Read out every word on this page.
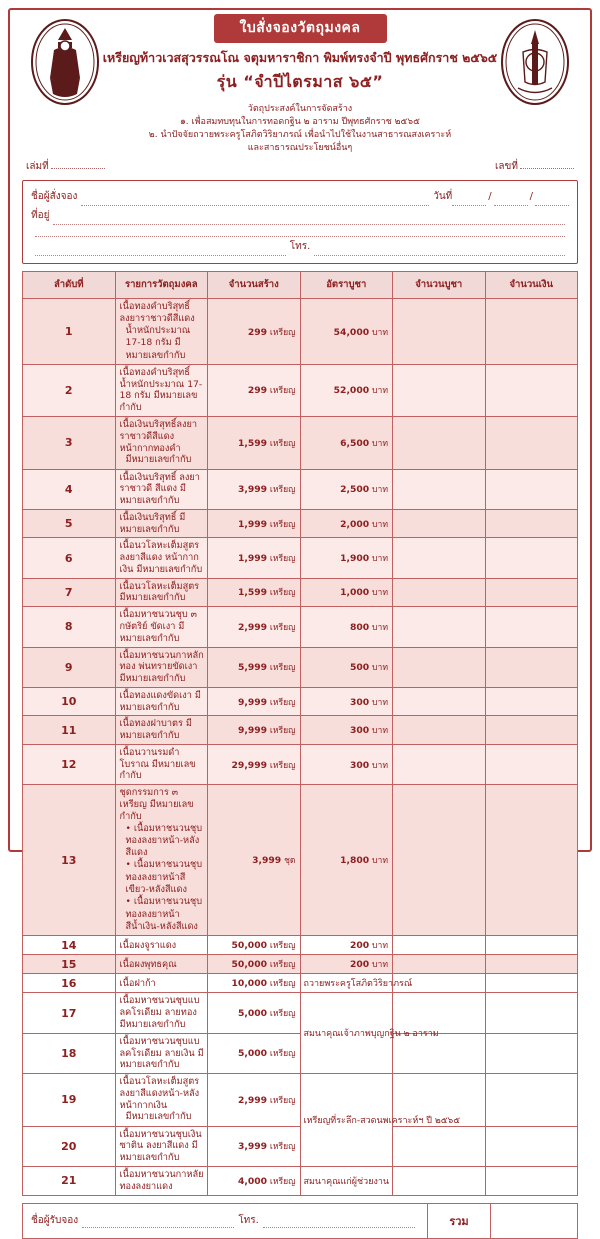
ใบสั่งจองวัตถุมงคล
เหรียญท้าวเวสสุวรรณโณ จตุมหาราชิกา พิมพ์ทรงจำปี พุทธศักราช ๒๕๖๕
รุ่น “จำปีไตรมาส ๖๕”
วัตถุประสงค์ในการจัดสร้าง
๑. เพื่อสมทบทุนในการทอดกฐิน ๒ อาราม ปีพุทธศักราช ๒๕๖๕
๒. นำปัจจัยถวายพระครูโสภิตวิริยาภรณ์ เพื่อนำไปใช้ในงานสาธารณสงเคราะห์
และสาธารณประโยชน์อื่นๆ
เล่มที่	เลขที่
ชื่อผู้สั่งจอง	วันที่	/	/
ที่อยู่
โทร.
ลำดับที่	รายการวัตถุมงคล	จำนวนสร้าง	อัตราบูชา	จำนวนบูชา	จำนวนเงิน
1	เนื้อทองคำบริสุทธิ์ ลงยาราชาวดีสีแดง
น้ำหนักประมาณ 17-18 กรัม มีหมายเลขกำกับ	299 เหรียญ	54,000 บาท		
2	เนื้อทองคำบริสุทธิ์ น้ำหนักประมาณ 17-18 กรัม มีหมายเลขกำกับ	299 เหรียญ	52,000 บาท		
3	เนื้อเงินบริสุทธิ์ลงยาราชาวดีสีแดง หน้ากากทองคำ
มีหมายเลขกำกับ	1,599 เหรียญ	6,500 บาท		
4	เนื้อเงินบริสุทธิ์ ลงยาราชาวดี สีแดง มีหมายเลขกำกับ	3,999 เหรียญ	2,500 บาท		
5	เนื้อเงินบริสุทธิ์ มีหมายเลขกำกับ	1,999 เหรียญ	2,000 บาท		
6	เนื้อนวโลหะเต็มสูตร ลงยาสีแดง หน้ากากเงิน มีหมายเลขกำกับ	1,999 เหรียญ	1,900 บาท		
7	เนื้อนวโลหะเต็มสูตร มีหมายเลขกำกับ	1,599 เหรียญ	1,000 บาท		
8	เนื้อมหาชนวนชุบ ๓ กษัตริย์ ขัดเงา มีหมายเลขกำกับ	2,999 เหรียญ	800 บาท		
9	เนื้อมหาชนวนกาหลักทอง พ่นทรายขัดเงา มีหมายเลขกำกับ	5,999 เหรียญ	500 บาท		
10	เนื้อทองแดงขัดเงา มีหมายเลขกำกับ	9,999 เหรียญ	300 บาท		
11	เนื้อทองฝาบาตร มีหมายเลขกำกับ	9,999 เหรียญ	300 บาท		
12	เนื้อนวานรมดำ โบราณ มีหมายเลขกำกับ	29,999 เหรียญ	300 บาท		
13	ชุดกรรมการ ๓ เหรียญ มีหมายเลขกำกับ
• เนื้อมหาชนวนชุบทองลงยาหน้า-หลังสีแดง
• เนื้อมหาชนวนชุบทองลงยาหน้าสีเขียว-หลังสีแดง
• เนื้อมหาชนวนชุบทองลงยาหน้าสีน้ำเงิน-หลังสีแดง	3,999 ชุด	1,800 บาท		
14	เนื้อผงจูราแดง	50,000 เหรียญ	200 บาท		
15	เนื้อผงพุทธคุณ	50,000 เหรียญ	200 บาท		
16	เนื้อฝาก้า	10,000 เหรียญ	ถวายพระครูโสภิตวิริยาภรณ์		
17	เนื้อมหาชนวนชุบแบลคโรเดียม ลายทอง มีหมายเลขกำกับ	5,000 เหรียญ	สมนาคุณเจ้าภาพบุญกฐิน ๒ อาราม		
18	เนื้อมหาชนวนชุบแบลคโรเดียม ลายเงิน มีหมายเลขกำกับ	5,000 เหรียญ			
19	เนื้อนวโลหะเต็มสูตร ลงยาสีแดงหน้า-หลัง หน้ากากเงิน
มีหมายเลขกำกับ	2,999 เหรียญ	เหรียญที่ระลึก-สวดนพเคราะห์ฯ ปี ๒๕๖๕		
20	เนื้อมหาชนวนชุบเงินซาติน ลงยาสีแดง มีหมายเลขกำกับ	3,999 เหรียญ			
21	เนื้อมหาชนวนกาหลัยทองลงยาแดง	4,000 เหรียญ	สมนาคุณแก่ผู้ช่วยงาน		
ชื่อผู้รับจอง	โทร.	รวม
